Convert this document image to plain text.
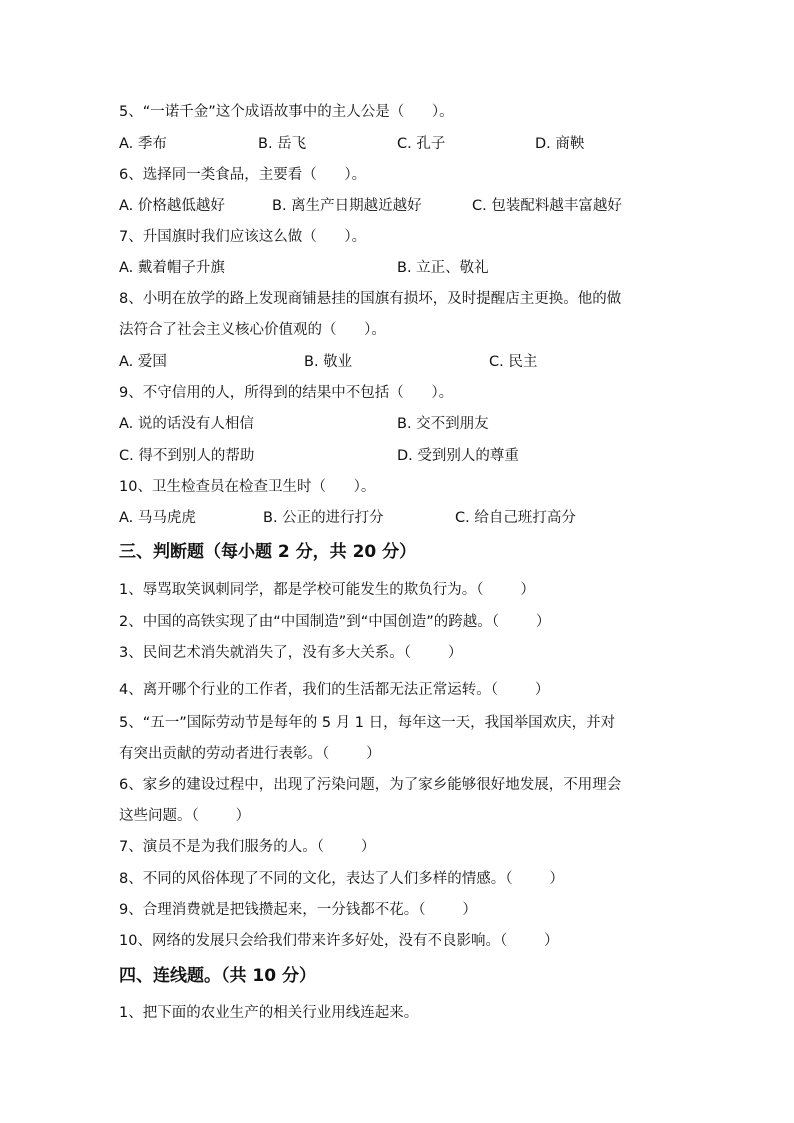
5、“一诺千金”这个成语故事中的主人公是（      ）。
A. 季布	B. 岳飞	C. 孔子	D. 商鞅
6、选择同一类食品，主要看（      ）。
A. 价格越低越好	B. 离生产日期越近越好	C. 包装配料越丰富越好
7、升国旗时我们应该这么做（      ）。
A. 戴着帽子升旗	B. 立正、敬礼
8、小明在放学的路上发现商铺悬挂的国旗有损坏，及时提醒店主更换。他的做
法符合了社会主义核心价值观的（      ）。
A. 爱国	B. 敬业	C. 民主
9、不守信用的人，所得到的结果中不包括（      ）。
A. 说的话没有人相信	B. 交不到朋友
C. 得不到别人的帮助	D. 受到别人的尊重
10、卫生检查员在检查卫生时（      ）。
A. 马马虎虎	B. 公正的进行打分	C. 给自己班打高分
三、判断题（每小题 2 分，共 20 分）
1、辱骂取笑讽刺同学，都是学校可能发生的欺负行为。（        ）
2、中国的高铁实现了由“中国制造”到“中国创造”的跨越。（        ）
3、民间艺术消失就消失了，没有多大关系。（        ）
4、离开哪个行业的工作者，我们的生活都无法正常运转。（        ）
5、“五一”国际劳动节是每年的 5 月 1 日，每年这一天，我国举国欢庆，并对
有突出贡献的劳动者进行表彰。（        ）
6、家乡的建设过程中，出现了污染问题，为了家乡能够很好地发展，不用理会
这些问题。（        ）
7、演员不是为我们服务的人。（        ）
8、不同的风俗体现了不同的文化，表达了人们多样的情感。（        ）
9、合理消费就是把钱攒起来，一分钱都不花。（        ）
10、网络的发展只会给我们带来许多好处，没有不良影响。（        ）
四、连线题。（共 10 分）
1、把下面的农业生产的相关行业用线连起来。
